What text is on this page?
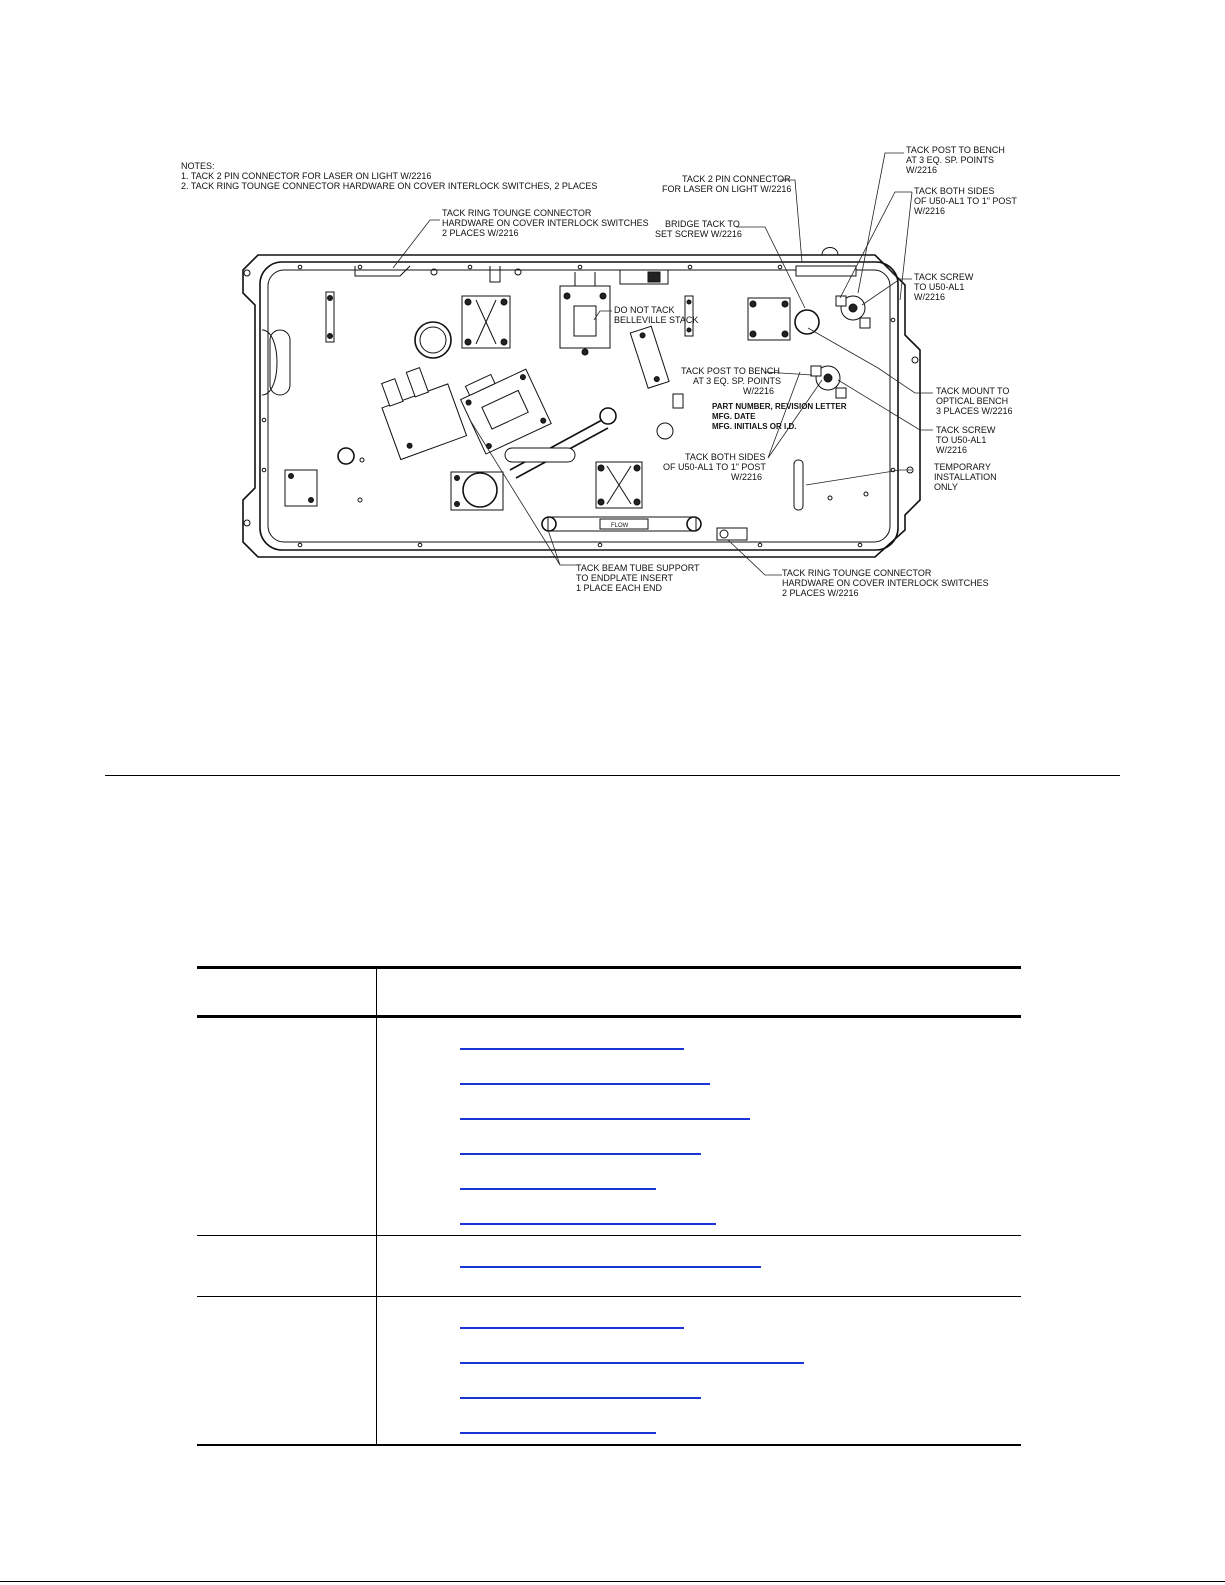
NOTES:
1. TACK 2 PIN CONNECTOR FOR LASER ON LIGHT W/2216
2. TACK RING TOUNGE CONNECTOR HARDWARE ON COVER INTERLOCK SWITCHES, 2 PLACES
FLOW
TACK RING TOUNGE CONNECTOR
HARDWARE ON COVER INTERLOCK SWITCHES
2 PLACES W/2216
TACK 2 PIN CONNECTOR
FOR LASER ON LIGHT W/2216
BRIDGE TACK TO
SET SCREW W/2216
TACK POST TO BENCH
AT 3 EQ. SP. POINTS
W/2216
TACK BOTH SIDES
OF U50-AL1 TO 1" POST
W/2216
TACK SCREW
TO U50-AL1
W/2216
DO NOT TACK
BELLEVILLE STACK
TACK POST TO BENCH
AT 3 EQ. SP. POINTS
W/2216	TACK MOUNT TO
OPTICAL BENCH
3 PLACES W/2216
PART NUMBER, REVISION LETTER
MFG. DATE
MFG. INITIALS OR I.D.	TACK SCREW
TO U50-AL1
W/2216
TACK BOTH SIDES
OF U50-AL1 TO 1" POST
W/2216
TEMPORARY
INSTALLATION
ONLY
TACK BEAM TUBE SUPPORT
TO ENDPLATE INSERT
1 PLACE EACH END
TACK RING TOUNGE CONNECTOR
HARDWARE ON COVER INTERLOCK SWITCHES
2 PLACES W/2216
